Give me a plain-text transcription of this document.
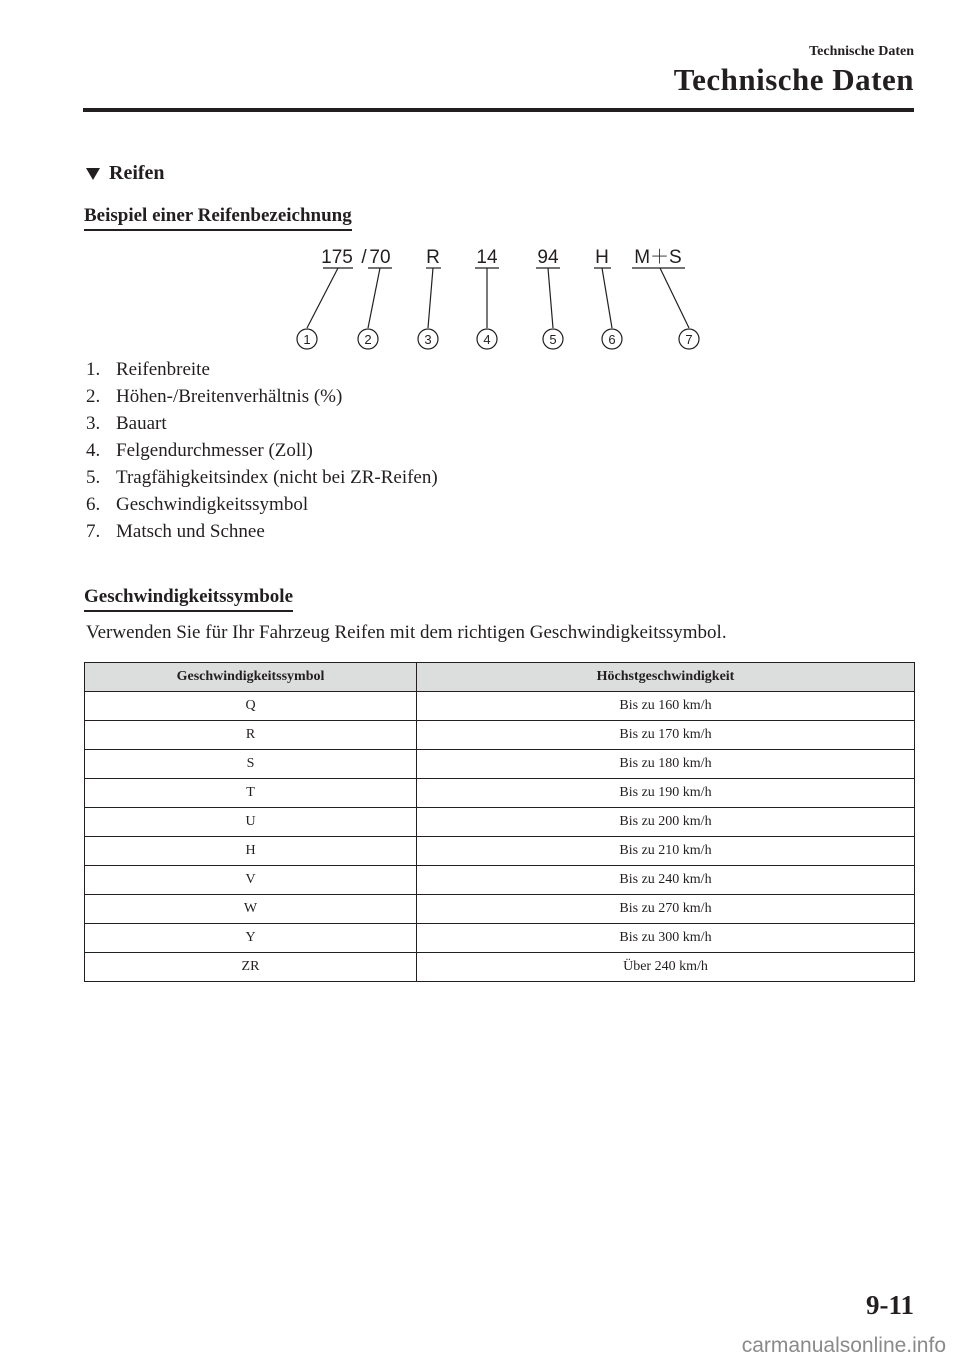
Technische Daten
Technische Daten
Reifen
Beispiel einer Reifenbezeichnung
175 / 70 R 14 94 H M＋S
1	2	3	4	5	6	7
1. Reifenbreite
2. Höhen-/Breitenverhältnis (%)
3. Bauart
4. Felgendurchmesser (Zoll)
5. Tragfähigkeitsindex (nicht bei ZR-Reifen)
6. Geschwindigkeitssymbol
7. Matsch und Schnee
Geschwindigkeitssymbole
Verwenden Sie für Ihr Fahrzeug Reifen mit dem richtigen Geschwindigkeitssymbol.
Geschwindigkeitssymbol	Höchstgeschwindigkeit
Q	Bis zu 160 km/h
R	Bis zu 170 km/h
S	Bis zu 180 km/h
T	Bis zu 190 km/h
U	Bis zu 200 km/h
H	Bis zu 210 km/h
V	Bis zu 240 km/h
W	Bis zu 270 km/h
Y	Bis zu 300 km/h
ZR	Über 240 km/h
9-11
carmanualsonline.info
